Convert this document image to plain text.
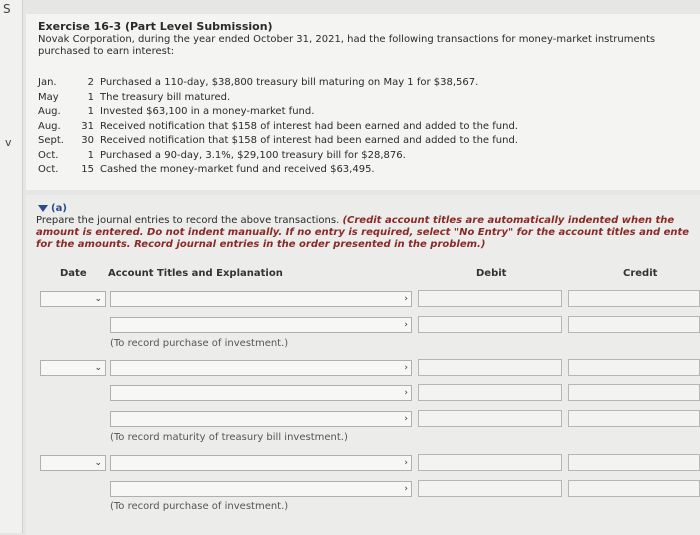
S
v
Exercise 16-3 (Part Level Submission)
Novak Corporation, during the year ended October 31, 2021, had the following transactions for money-market instruments purchased to earn interest:
Jan.	2 Purchased a 110-day, $38,800 treasury bill maturing on May 1 for $38,567.
May	1 The treasury bill matured.
Aug.	1 Invested $63,100 in a money-market fund.
Aug.	31 Received notification that $158 of interest had been earned and added to the fund.
Sept.	30 Received notification that $158 of interest had been earned and added to the fund.
Oct.	1 Purchased a 90-day, 3.1%, $29,100 treasury bill for $28,876.
Oct.	15 Cashed the money-market fund and received $63,495.
(a)
Prepare the journal entries to record the above transactions. (Credit account titles are automatically indented when the amount is entered. Do not indent manually. If no entry is required, select "No Entry" for the account titles and ente for the amounts. Record journal entries in the order presented in the problem.)
Date Account Titles and Explanation	Debit	Credit
⌄	›
›
(To record purchase of investment.)
⌄	›
›
›
(To record maturity of treasury bill investment.)
⌄	›
›
(To record purchase of investment.)
